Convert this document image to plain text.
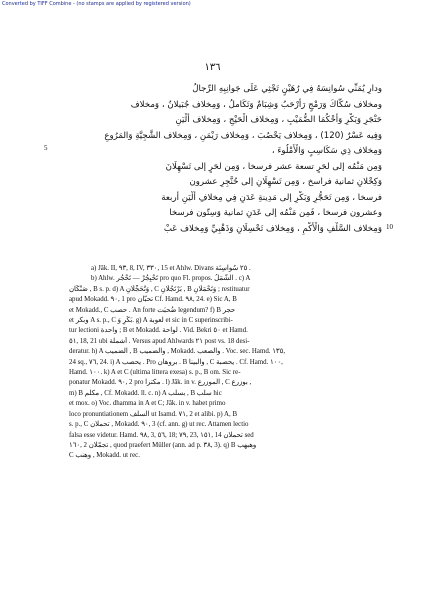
Converted by TIFF Combine - (no stamps are applied by registered version)
١٣٦
ودارِ يُمَنِّي سُوانِسَهُ فِي رُهَيْنٍ تَجْثِي عَلَى جَوانِبِهِ الرِّجالُ
ومخلاف سُكَّاكَ وَرَمْجٍ رَأَرْحَبُ وَشِبَامٌ وَتَكَاملُ ، وَمِخلاف جُبَيلانُ ، وَمخلاف
حَتْجَرِ وَبَكْرِ وَأَحْكُمَا الضُّمَيْبِ ، وَمِخلاف الْحَيْجِ ، وَمِخلاف أَلْيَنِ
وَفِيه عَسْرٌ (120) ، وَمِخلاف يَحْصُبَ ، وَمِخلاف رَيْمَنِ ، وَمِخلاف الشَّجِيَّةِ وَالمَرُوعِ
وَمِخلاف ذِي سَكَاسِبٍ وَالْأَمْلُوءَ ،
وَمِن مَنْمُه إلى لحَرٍ تسعة عشر فرسخا ، وَمِن لحَرٍ إلى تَسْهِلَانَ
وَكِحْلانِ ثمانية فراسخ ، وَمِن تَسْهِلَانِ إلى حُنَّجِرِ عشرون
فرسخا ، وَمِن تَحَجُّرِ وَبَكْرِ إلى مَدِينةِ عَدَنِ فِي مِخلافِ أَلْيَنِ أربعة
وعشرون فرسخا ، فَمِن مَنْمُه إلى عَدَنِ ثمانية وَسِتّون فرسخا
وَمِخلاف السَّلْفِ وَالْأَكْمِ ، وَمِخلاف تَحْسِلَانِ وَذَهْبِيِّ وَمِخلاف عَبْ
5
10
a) Jâk. II, ٩٣, 8, IV, ٣٣٠, 15 et Ahlw. Divans ٢٥ سُواسِنَة .
b) Ahlw. تَحْبِجُرْ — تَحْجُر pro quo Fl. propos. الشُّمَلُ . c) A
صَنْكَان , B s. p. d) A وَتُحَجِّلَانِ , C بَرْتَجُلَانِ , B وَتَحْمَلَانِ ; restituatur
apud Mokadd. ٩٠, 1 pro تحبّان Cf. Hamd. ٩٨, 24. e) Sic A, B
et Mokadd., C حصب . An forte ضُحبَت legendum? f) B حجر
et وبكر A s. p., C بَكْرِ وَ. g) A لعوبة et sic in C superinscribi-
tur lectioni واحدة ; B et Mokadd. لواحة . Vid. Bekri ٥٠ et Hamd.
٥١, 18, 21 ubi أشملة . Versus apud Ahlwards ٢١ post vs. 18 desi-
deratur. h) A الضميب , B والضميب , Mokadd. والصعب . Voc. sec. Hamd. ١٣٥,
24 sq., ٧٦, 24. i) A يحصب . Pro بروهان . B والبينا , C يحصبة . Cf. Hamd. ١٠٠,
Hamd. ١٠٠. k) A et C (ultima littera exesa) s. p., B om. Sic re-
ponatur Mokadd. ٩٠, 2 pro مكترا . l) Jâk. in v. الموزرع , C بوزرع ,
m) B مكلم , Cf. Mokadd. ll. c. n) A بسلب , B سلب hic
et mox. o) Voc. dhamma in A et C; Jâk. in v. habet primo
loco pronuntiationem السلف ut Isamd. ٧١, 2 et alibi. p) A, B
s. p., C تحملان , Mokadd. ٩٠, 3 (cf. ann. g) ut rec. Attamen lectio
falsa esse videtur. Hamd. ٩٨, 3, ٥٦, 18; ٧٩, 23, ١٥١, 14 تحملان sed
١٦٠, 2 تجمّلان , quod praefert Müller (ann. ad p. ٣٨, 3). q) B وهبهب
C وهنب , Mokadd. ut rec.
